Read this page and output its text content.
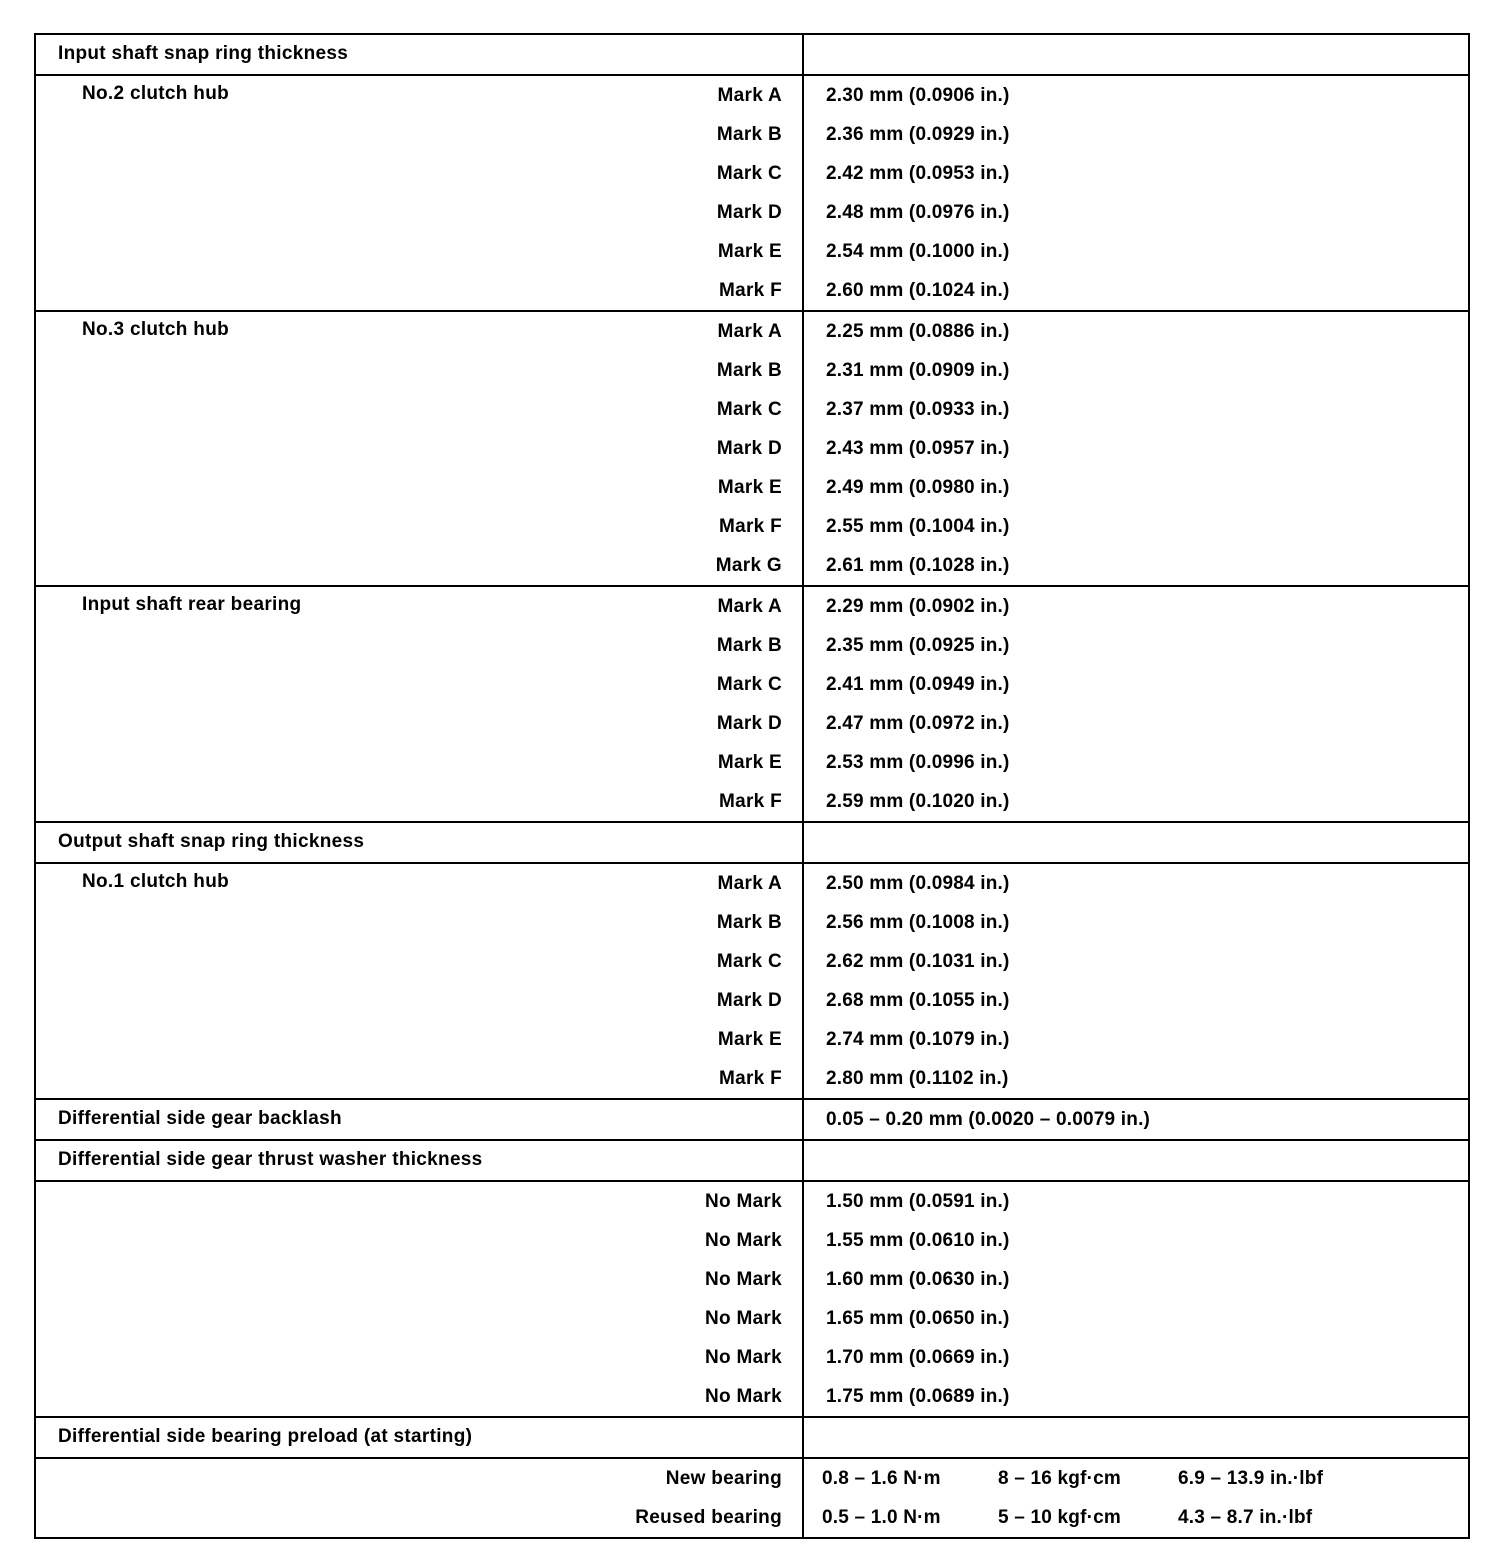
Input shaft snap ring thickness
No.2 clutch hub	Mark A 2.30 mm (0.0906 in.)
Mark B 2.36 mm (0.0929 in.)
Mark C 2.42 mm (0.0953 in.)
Mark D 2.48 mm (0.0976 in.)
Mark E 2.54 mm (0.1000 in.)
Mark F 2.60 mm (0.1024 in.)
No.3 clutch hub	Mark A 2.25 mm (0.0886 in.)
Mark B 2.31 mm (0.0909 in.)
Mark C 2.37 mm (0.0933 in.)
Mark D 2.43 mm (0.0957 in.)
Mark E 2.49 mm (0.0980 in.)
Mark F 2.55 mm (0.1004 in.)
Mark G 2.61 mm (0.1028 in.)
Input shaft rear bearing	Mark A 2.29 mm (0.0902 in.)
Mark B 2.35 mm (0.0925 in.)
Mark C 2.41 mm (0.0949 in.)
Mark D 2.47 mm (0.0972 in.)
Mark E 2.53 mm (0.0996 in.)
Mark F 2.59 mm (0.1020 in.)
Output shaft snap ring thickness
No.1 clutch hub	Mark A 2.50 mm (0.0984 in.)
Mark B 2.56 mm (0.1008 in.)
Mark C 2.62 mm (0.1031 in.)
Mark D 2.68 mm (0.1055 in.)
Mark E 2.74 mm (0.1079 in.)
Mark F 2.80 mm (0.1102 in.)
Differential side gear backlash	0.05 – 0.20 mm (0.0020 – 0.0079 in.)
Differential side gear thrust washer thickness
No Mark 1.50 mm (0.0591 in.)
No Mark 1.55 mm (0.0610 in.)
No Mark 1.60 mm (0.0630 in.)
No Mark 1.65 mm (0.0650 in.)
No Mark 1.70 mm (0.0669 in.)
No Mark 1.75 mm (0.0689 in.)
Differential side bearing preload (at starting)
New bearing 0.8 – 1.6 N·m	8 – 16 kgf·cm	6.9 – 13.9 in.·lbf
Reused bearing 0.5 – 1.0 N·m	5 – 10 kgf·cm	4.3 – 8.7 in.·lbf
